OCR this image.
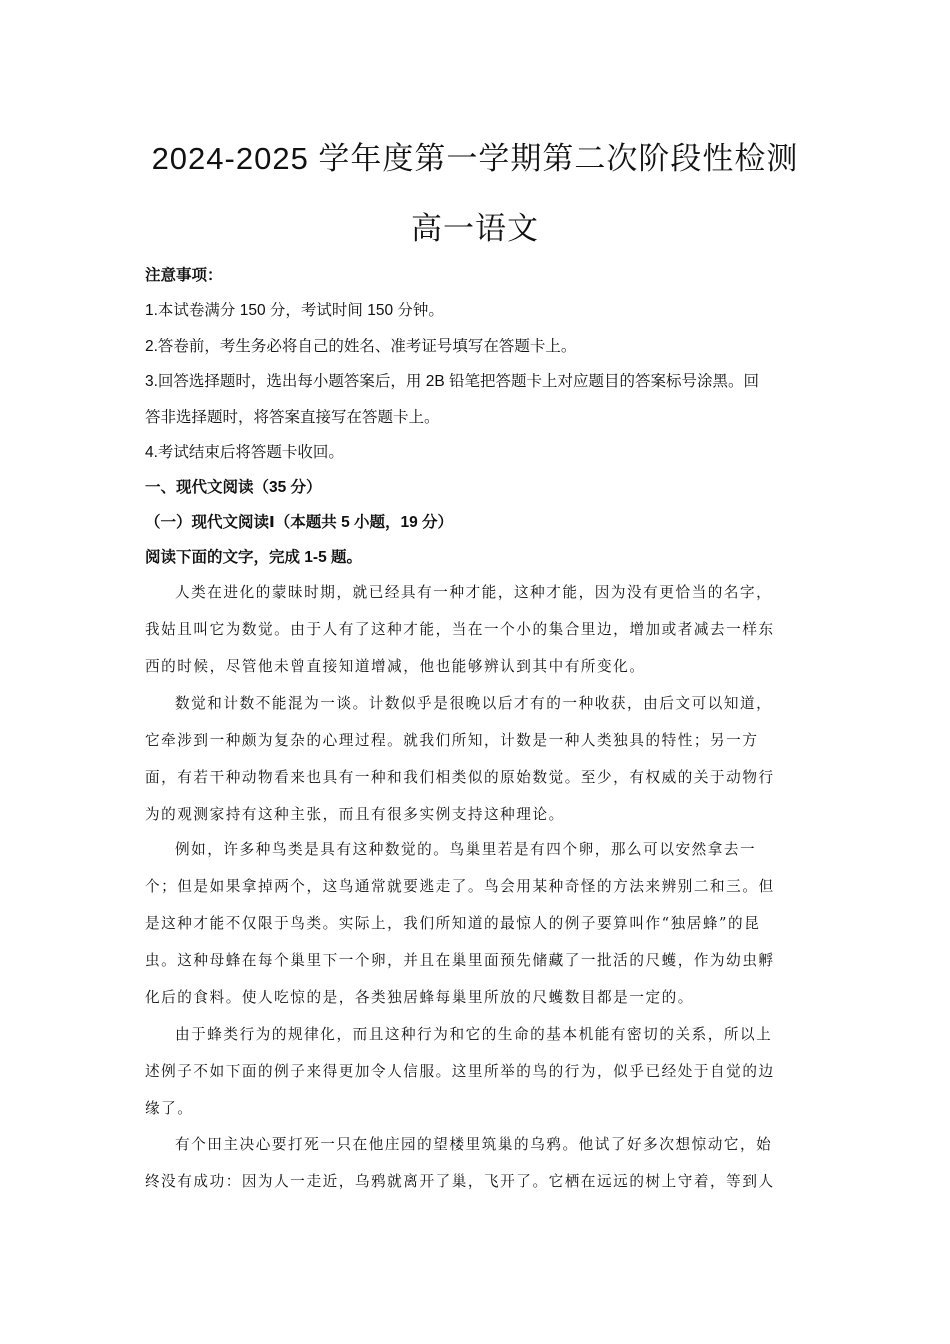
2024-2025 学年度第一学期第二次阶段性检测
高一语文
注意事项：
1.本试卷满分 150 分，考试时间 150 分钟。
2.答卷前，考生务必将自己的姓名、准考证号填写在答题卡上。
3.回答选择题时，选出每小题答案后，用 2B 铅笔把答题卡上对应题目的答案标号涂黑。回
答非选择题时，将答案直接写在答题卡上。
4.考试结束后将答题卡收回。
一、现代文阅读（35 分）
（一）现代文阅读Ⅰ（本题共 5 小题，19 分）
阅读下面的文字，完成 1-5 题。
人类在进化的蒙昧时期，就已经具有一种才能，这种才能，因为没有更恰当的名字，
我姑且叫它为数觉。由于人有了这种才能，当在一个小的集合里边，增加或者减去一样东
西的时候，尽管他未曾直接知道增减，他也能够辨认到其中有所变化。
数觉和计数不能混为一谈。计数似乎是很晚以后才有的一种收获，由后文可以知道，
它牵涉到一种颇为复杂的心理过程。就我们所知，计数是一种人类独具的特性；另一方
面，有若干种动物看来也具有一种和我们相类似的原始数觉。至少，有权威的关于动物行
为的观测家持有这种主张，而且有很多实例支持这种理论。
例如，许多种鸟类是具有这种数觉的。鸟巢里若是有四个卵，那么可以安然拿去一
个；但是如果拿掉两个，这鸟通常就要逃走了。鸟会用某种奇怪的方法来辨别二和三。但
是这种才能不仅限于鸟类。实际上，我们所知道的最惊人的例子要算叫作“独居蜂”的昆
虫。这种母蜂在每个巢里下一个卵，并且在巢里面预先储藏了一批活的尺蠖，作为幼虫孵
化后的食料。使人吃惊的是，各类独居蜂每巢里所放的尺蠖数目都是一定的。
由于蜂类行为的规律化，而且这种行为和它的生命的基本机能有密切的关系，所以上
述例子不如下面的例子来得更加令人信服。这里所举的鸟的行为，似乎已经处于自觉的边
缘了。
有个田主决心要打死一只在他庄园的望楼里筑巢的乌鸦。他试了好多次想惊动它，始
终没有成功：因为人一走近，乌鸦就离开了巢，飞开了。它栖在远远的树上守着，等到人
